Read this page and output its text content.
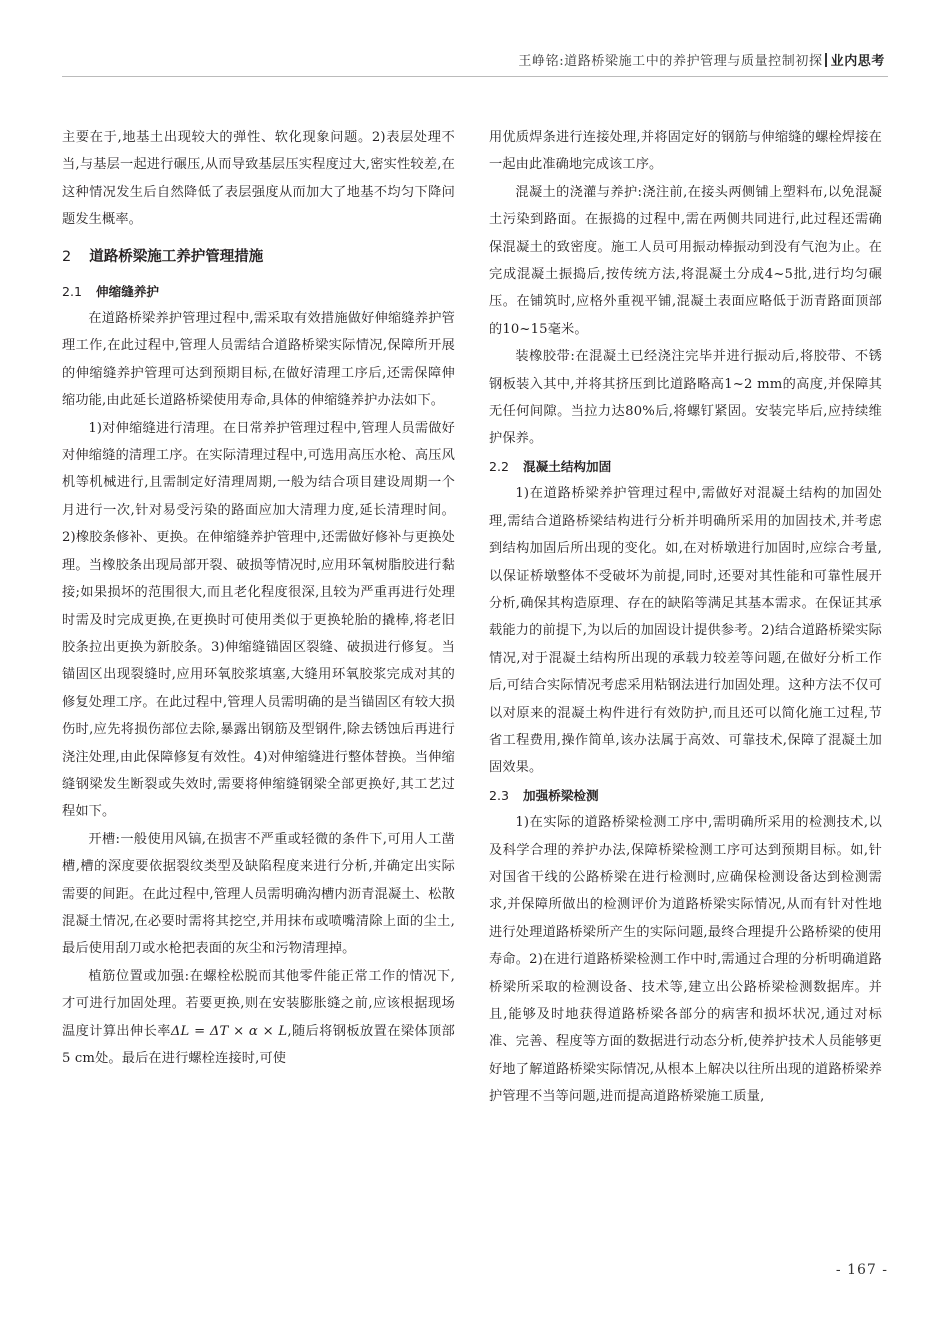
王峥铭:道路桥梁施工中的养护管理与质量控制初探 业内思考

主要在于,地基土出现较大的弹性、软化现象问题。2)表层处理不当,与基层一起进行碾压,从而导致基层压实程度过大,密实性较差,在这种情况发生后自然降低了表层强度从而加大了地基不均匀下降问题发生概率。

2 道路桥梁施工养护管理措施
2.1 伸缩缝养护

在道路桥梁养护管理过程中,需采取有效措施做好伸缩缝养护管理工作,在此过程中,管理人员需结合道路桥梁实际情况,保障所开展的伸缩缝养护管理可达到预期目标,在做好清理工序后,还需保障伸缩功能,由此延长道路桥梁使用寿命,具体的伸缩缝养护办法如下。

1)对伸缩缝进行清理。在日常养护管理过程中,管理人员需做好对伸缩缝的清理工序。在实际清理过程中,可选用高压水枪、高压风机等机械进行,且需制定好清理周期,一般为结合项目建设周期一个月进行一次,针对易受污染的路面应加大清理力度,延长清理时间。2)橡胶条修补、更换。在伸缩缝养护管理中,还需做好修补与更换处理。当橡胶条出现局部开裂、破损等情况时,应用环氧树脂胶进行黏接;如果损坏的范围很大,而且老化程度很深,且较为严重再进行处理时需及时完成更换,在更换时可使用类似于更换轮胎的撬棒,将老旧胶条拉出更换为新胶条。3)伸缩缝锚固区裂缝、破损进行修复。当锚固区出现裂缝时,应用环氧胶浆填塞,大缝用环氧胶浆完成对其的修复处理工序。在此过程中,管理人员需明确的是当锚固区有较大损伤时,应先将损伤部位去除,暴露出钢筋及型钢件,除去锈蚀后再进行浇注处理,由此保障修复有效性。4)对伸缩缝进行整体替换。当伸缩缝钢梁发生断裂或失效时,需要将伸缩缝钢梁全部更换好,其工艺过程如下。

开槽:一般使用风镐,在损害不严重或轻微的条件下,可用人工凿槽,槽的深度要依据裂纹类型及缺陷程度来进行分析,并确定出实际需要的间距。在此过程中,管理人员需明确沟槽内沥青混凝土、松散混凝土情况,在必要时需将其挖空,并用抹布或喷嘴清除上面的尘土,最后使用刮刀或水枪把表面的灰尘和污物清理掉。

植筋位置或加强:在螺栓松脱而其他零件能正常工作的情况下,才可进行加固处理。若要更换,则在安装膨胀缝之前,应该根据现场温度计算出伸长率ΔL = ΔT × α × L,随后将钢板放置在梁体顶部5 cm处。最后在进行螺栓连接时,可使

用优质焊条进行连接处理,并将固定好的钢筋与伸缩缝的螺栓焊接在一起由此准确地完成该工序。

混凝土的浇灌与养护:浇注前,在接头两侧铺上塑料布,以免混凝土污染到路面。在振捣的过程中,需在两侧共同进行,此过程还需确保混凝土的致密度。施工人员可用振动棒振动到没有气泡为止。在完成混凝土振捣后,按传统方法,将混凝土分成4~5批,进行均匀碾压。在铺筑时,应格外重视平铺,混凝土表面应略低于沥青路面顶部的10~15毫米。

装橡胶带:在混凝土已经浇注完毕并进行振动后,将胶带、不锈钢板装入其中,并将其挤压到比道路略高1~2 mm的高度,并保障其无任何间隙。当拉力达80%后,将螺钉紧固。安装完毕后,应持续维护保养。

2.2 混凝土结构加固

1)在道路桥梁养护管理过程中,需做好对混凝土结构的加固处理,需结合道路桥梁结构进行分析并明确所采用的加固技术,并考虑到结构加固后所出现的变化。如,在对桥墩进行加固时,应综合考量,以保证桥墩整体不受破坏为前提,同时,还要对其性能和可靠性展开分析,确保其构造原理、存在的缺陷等满足其基本需求。在保证其承载能力的前提下,为以后的加固设计提供参考。2)结合道路桥梁实际情况,对于混凝土结构所出现的承载力较差等问题,在做好分析工作后,可结合实际情况考虑采用粘钢法进行加固处理。这种方法不仅可以对原来的混凝土构件进行有效防护,而且还可以简化施工过程,节省工程费用,操作简单,该办法属于高效、可靠技术,保障了混凝土加固效果。

2.3 加强桥梁检测

1)在实际的道路桥梁检测工序中,需明确所采用的检测技术,以及科学合理的养护办法,保障桥梁检测工序可达到预期目标。如,针对国省干线的公路桥梁在进行检测时,应确保检测设备达到检测需求,并保障所做出的检测评价为道路桥梁实际情况,从而有针对性地进行处理道路桥梁所产生的实际问题,最终合理提升公路桥梁的使用寿命。2)在进行道路桥梁检测工作中时,需通过合理的分析明确道路桥梁所采取的检测设备、技术等,建立出公路桥梁检测数据库。并且,能够及时地获得道路桥梁各部分的病害和损坏状况,通过对标准、完善、程度等方面的数据进行动态分析,使养护技术人员能够更好地了解道路桥梁实际情况,从根本上解决以往所出现的道路桥梁养护管理不当等问题,进而提高道路桥梁施工质量,

- 167 -
